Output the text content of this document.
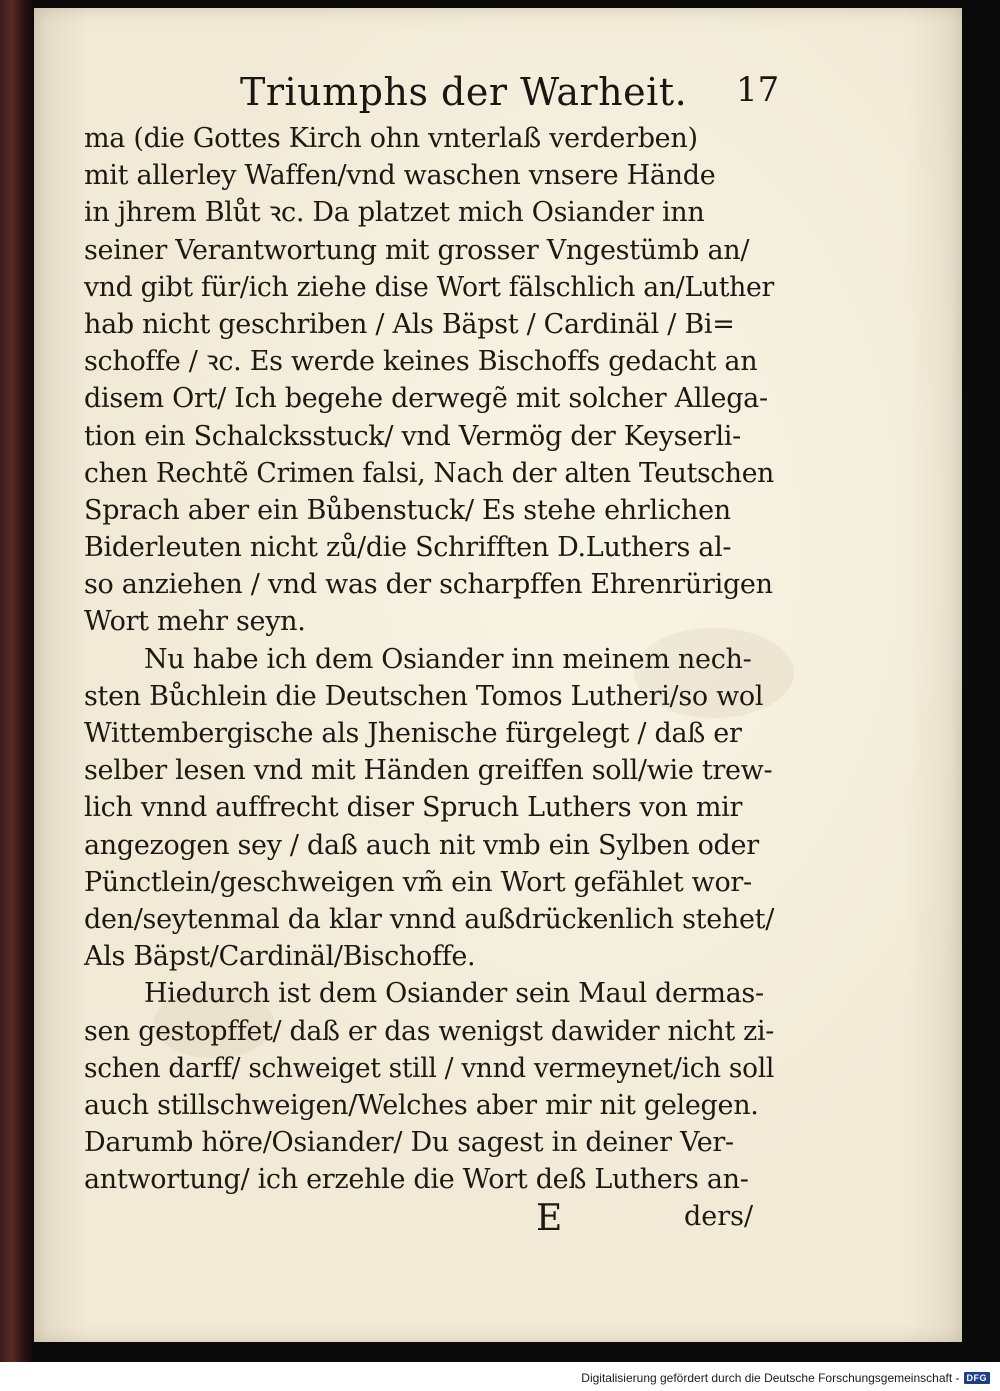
Triumphs der Warheit. 17
ma (die Gottes Kirch ohn vnterlaß verderben)
mit allerley Waffen/vnd waschen vnsere Hände
in jhrem Blůt ꝛc. Da platzet mich Osiander inn
seiner Verantwortung mit grosser Vngestümb an/
vnd gibt für/ich ziehe dise Wort fälschlich an/Luther
hab nicht geschriben / Als Bäpst / Cardinäl / Bi=
schoffe / ꝛc. Es werde keines Bischoffs gedacht an
disem Ort/ Ich begehe derwegẽ mit solcher Allega-
tion ein Schalcksstuck/ vnd Vermög der Keyserli-
chen Rechtẽ Crimen falsi, Nach der alten Teutschen
Sprach aber ein Bůbenstuck/ Es stehe ehrlichen
Biderleuten nicht zů/die Schrifften D.Luthers al-
so anziehen / vnd was der scharpffen Ehrenrürigen
Wort mehr seyn.
Nu habe ich dem Osiander inn meinem nech-
sten Bůchlein die Deutschen Tomos Lutheri/so wol
Wittembergische als Jhenische fürgelegt / daß er
selber lesen vnd mit Händen greiffen soll/wie trew-
lich vnnd auffrecht diser Spruch Luthers von mir
angezogen sey / daß auch nit vmb ein Sylben oder
Pünctlein/geschweigen vm̃ ein Wort gefählet wor-
den/seytenmal da klar vnnd außdrückenlich stehet/
Als Bäpst/Cardinäl/Bischoffe.
Hiedurch ist dem Osiander sein Maul dermas-
sen gestopffet/ daß er das wenigst dawider nicht zi-
schen darff/ schweiget still / vnnd vermeynet/ich soll
auch stillschweigen/Welches aber mir nit gelegen.
Darumb höre/Osiander/ Du sagest in deiner Ver-
antwortung/ ich erzehle die Wort deß Luthers an-
E	ders/
Digitalisierung gefördert durch die Deutsche Forschungsgemeinschaft - DFG
